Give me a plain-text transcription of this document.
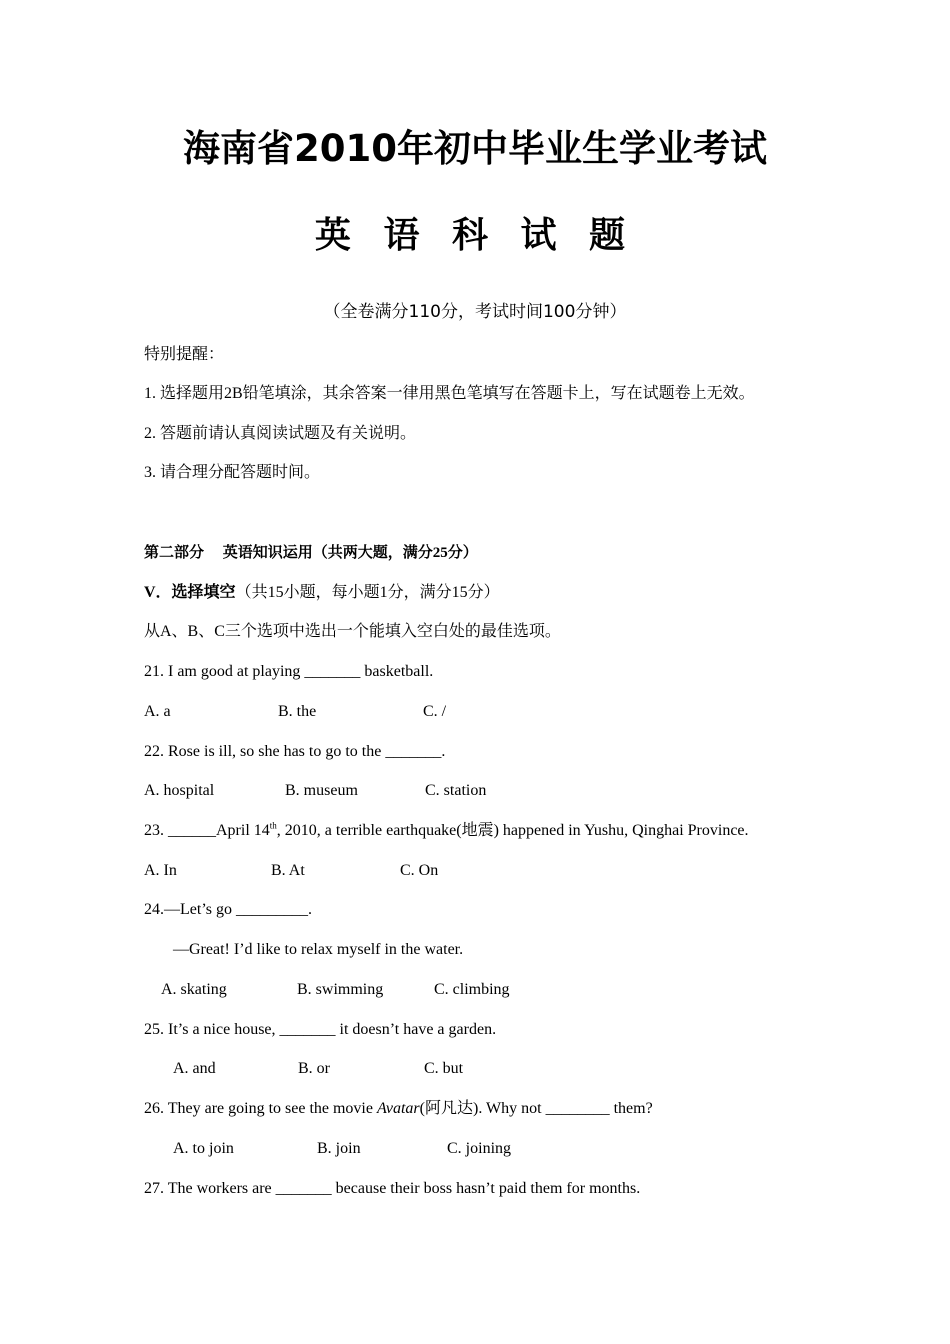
海南省2010年初中毕业生学业考试
英 语 科 试 题
（全卷满分110分，考试时间100分钟）
特别提醒：
1. 选择题用2B铅笔填涂，其余答案一律用黑色笔填写在答题卡上，写在试题卷上无效。
2. 答题前请认真阅读试题及有关说明。
3. 请合理分配答题时间。
第二部分　 英语知识运用（共两大题，满分25分）
V．选择填空（共15小题，每小题1分，满分15分）
从A、B、C三个选项中选出一个能填入空白处的最佳选项。
21. I am good at playing _______ basketball.
A. a	B. the	C. /
22. Rose is ill, so she has to go to the _______.
A. hospital	B. museum	C. station
23. ______April 14th, 2010, a terrible earthquake(地震) happened in Yushu, Qinghai Province.
A. In	B. At	C. On
24.—Let’s go _________.
—Great! I’d like to relax myself in the water.
A. skating	B. swimming	C. climbing
25. It’s a nice house, _______ it doesn’t have a garden.
A. and	B. or	C. but
26. They are going to see the movie Avatar(阿凡达). Why not ________ them?
A. to join	B. join	C. joining
27. The workers are _______ because their boss hasn’t paid them for months.
